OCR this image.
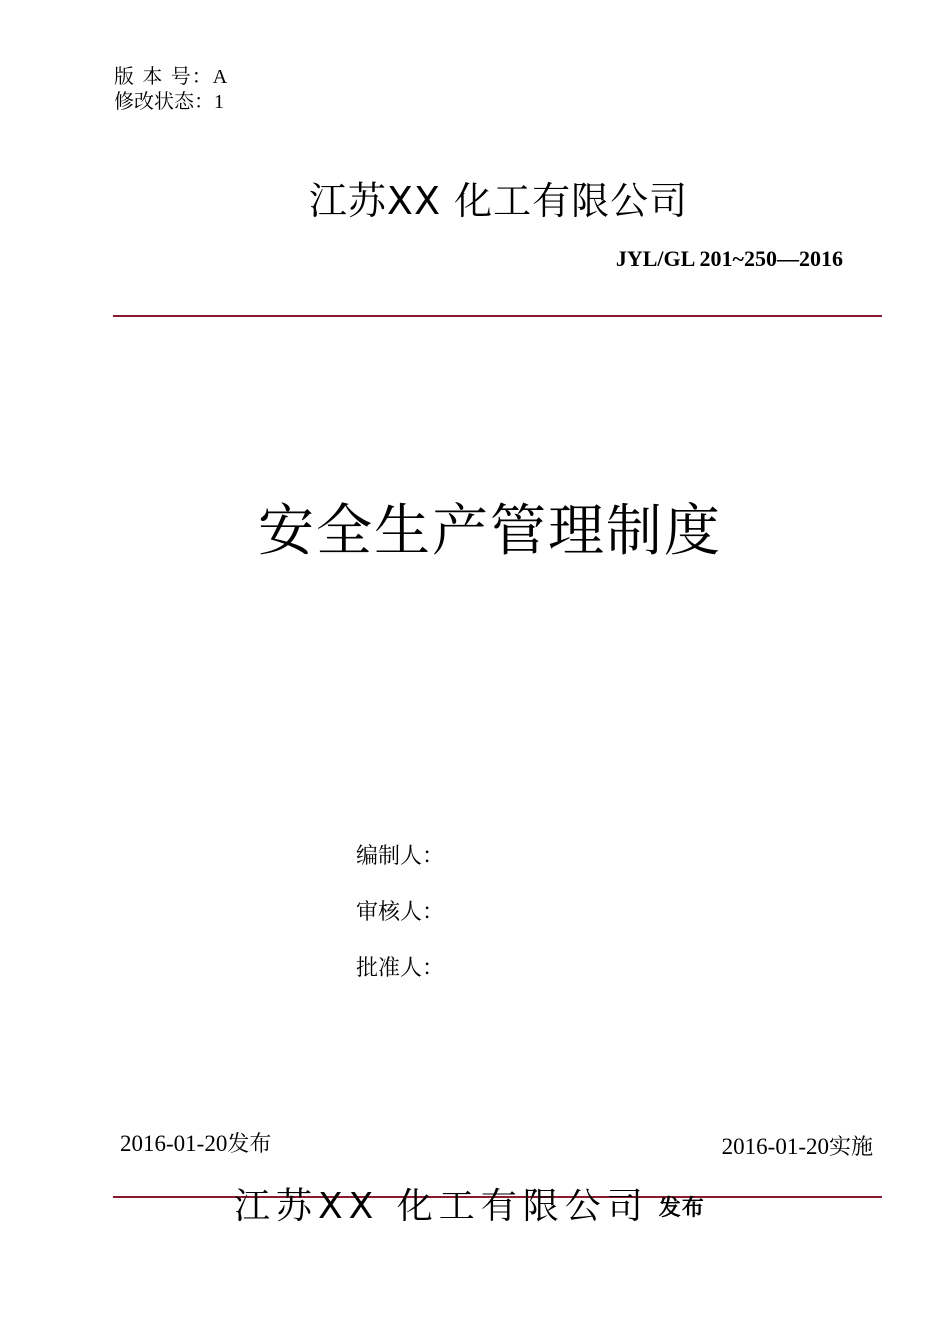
版 本 号：A
修改状态：1
江苏XX 化工有限公司
JYL/GL 201~250—2016
安全生产管理制度
编制人：
审核人：
批准人：
2016-01-20发布	2016-01-20实施
江苏XX 化工有限公司 发布
